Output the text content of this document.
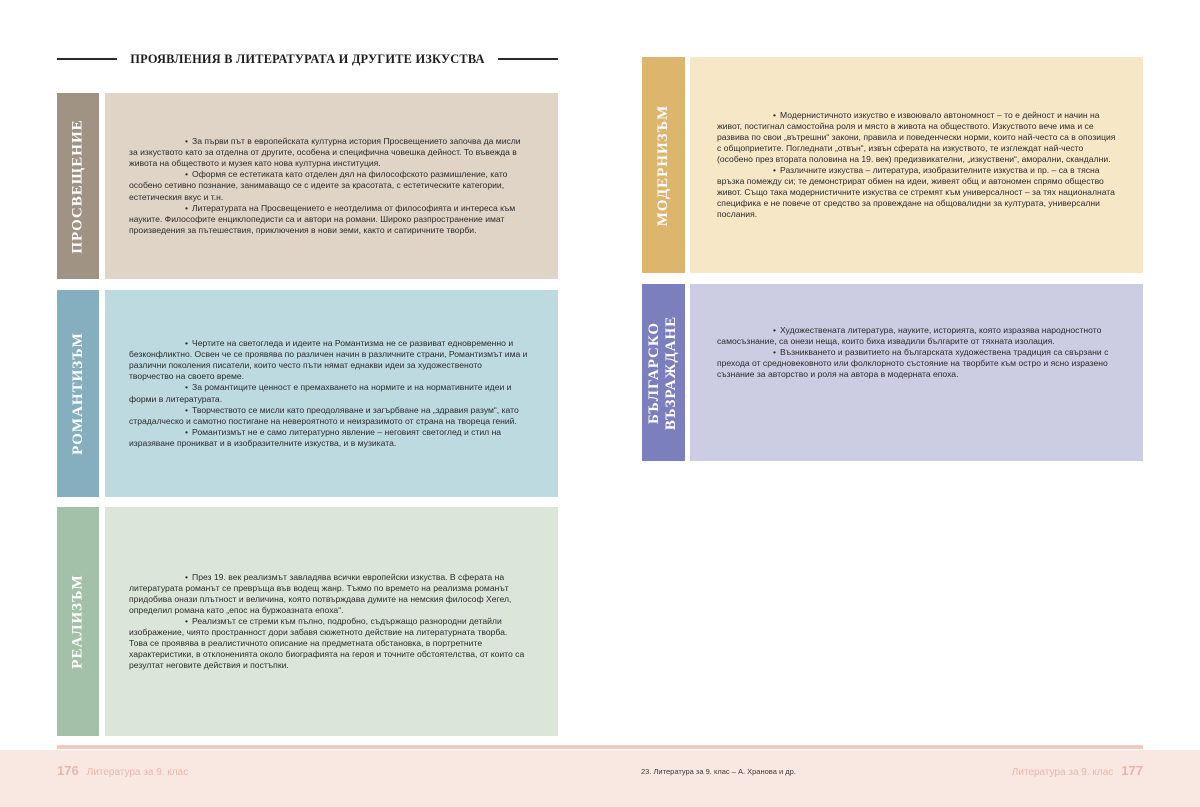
ПРОЯВЛЕНИЯ В ЛИТЕРАТУРАТА И ДРУГИТЕ ИЗКУСТВА
ПРОСВЕЩЕНИЕ	• За първи път в европейската културна история Просвещението започва да мисли за изкуството като за отделна от другите, особена и специфична човешка дейност. То въвежда в живота на обществото и музея като нова културна институция.

• Оформя се естетиката като отделен дял на философското размишление, като особено сетивно познание, занимаващо се с идеите за красотата, с естетическите категории, естетическия вкус и т.н.

• Литературата на Просвещението е неотделима от философията и интереса към науките. Философите енциклопедисти са и автори на романи. Широко разпространение имат произведения за пътешествия, приключения в нови земи, както и сатиричните творби.

РОМАНТИЗЪМ	• Чертите на светогледа и идеите на Романтизма не се развиват едновременно и безконфликтно. Освен че се проявява по различен начин в различните страни, Романтизмът има и различни поколения писатели, които често пъти нямат еднакви идеи за художественото творчество на своето време.

• За романтиците ценност е премахването на нормите и на нормативните идеи и форми в литературата.

• Творчеството се мисли като преодоляване и загърбване на „здравия разум“, като страдалческо и самотно постигане на невероятното и неизразимото от страна на твореца гений.

• Романтизмът не е само литературно явление – неговият светоглед и стил на изразяване проникват и в изобразителните изкуства, и в музиката.

РЕАЛИЗЪМ	• През 19. век реализмът завладява всички европейски изкуства. В сферата на литературата романът се превръща във водещ жанр. Тъкмо по времето на реализма романът придобива онази плътност и величина, която потвърждава думите на немския философ Хегел, определил романа като „епос на буржоазната епоха“.

• Реализмът се стреми към пълно, подробно, съдържащо разнородни детайли изображение, чиято пространност дори забавя сюжетното действие на литературната творба. Това се проявява в реалистичното описание на предметната обстановка, в портретните характеристики, в отклоненията около биографията на героя и точните обстоятелства, от които са резултат неговите действия и постъпки.

МОДЕРНИЗЪМ	• Модернистичното изкуство е извоювало автономност – то е дейност и начин на живот, постигнал самостойна роля и място в живота на обществото. Изкуството вече има и се развива по свои „вътрешни“ закони, правила и поведенчески норми, които най-често са в опозиция с общоприетите. Погледнати „отвън“, извън сферата на изкуството, те изглеждат най-често (особено през втората половина на 19. век) предизвикателни, „изкуствени“, аморални, скандални.

• Различните изкуства – литература, изобразителните изкуства и пр. – са в тясна връзка помежду си; те демонстрират обмен на идеи, живеят общ и автономен спрямо общество живот. Също така модернистичните изкуства се стремят към универсалност – за тях националната специфика е не повече от средство за провеждане на общовалидни за културата, универсални послания.

БЪЛГАРСКО ВЪЗРАЖДАНЕ	• Художествената литература, науките, историята, която изразява народностното самосъзнание, са онези неща, които биха извадили българите от тяхната изолация.

• Възникването и развитието на българската художествена традиция са свързани с прехода от средновековното или фолклорното състояние на творбите към остро и ясно изразено съзнание за авторство и роля на автора в модерната епоха.

176 Литература за 9. клас	23. Литература за 9. клас – А. Хранова и др.	Литература за 9. клас 177
